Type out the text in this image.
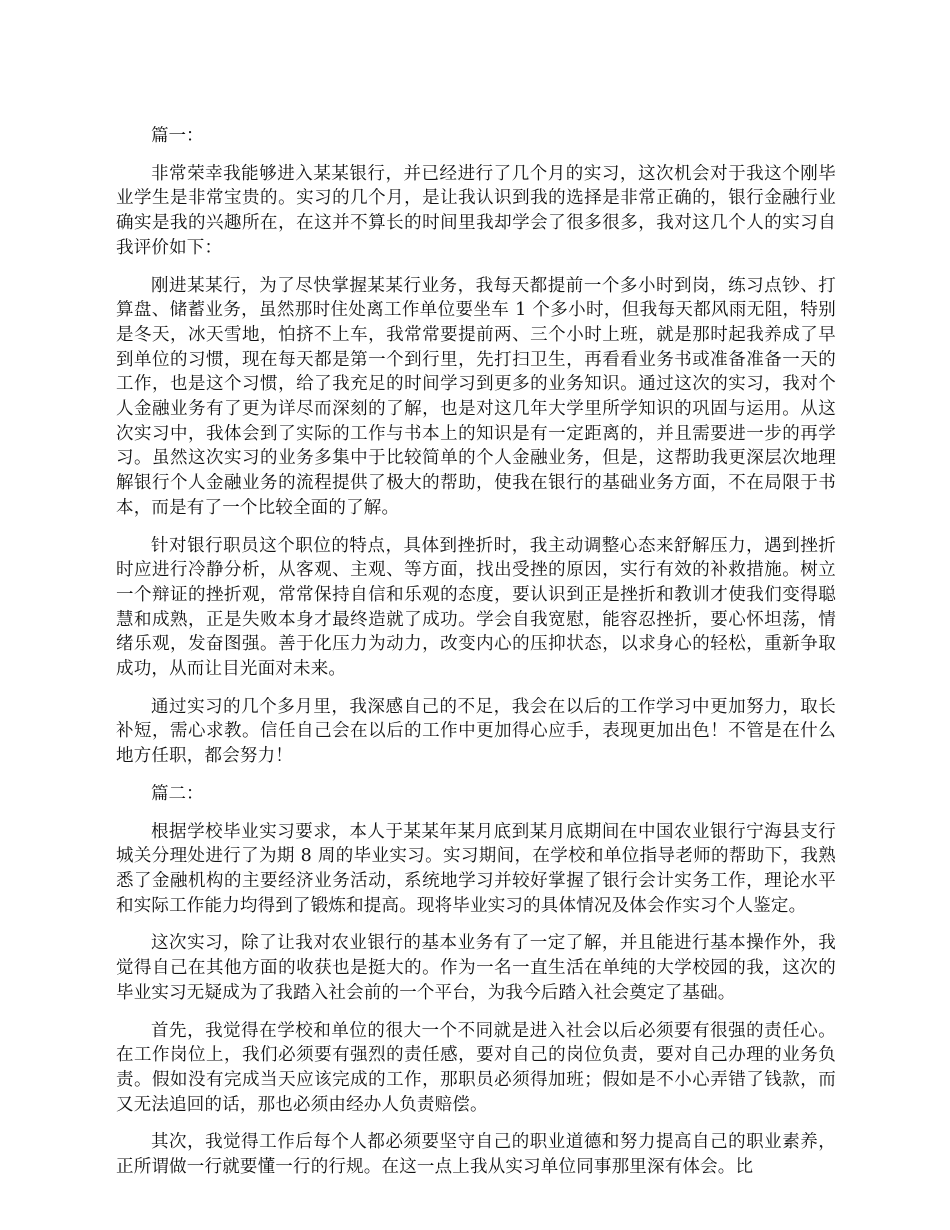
篇一：

非常荣幸我能够进入某某银行，并已经进行了几个月的实习，这次机会对于我这个刚毕业学生是非常宝贵的。实习的几个月，是让我认识到我的选择是非常正确的，银行金融行业确实是我的兴趣所在，在这并不算长的时间里我却学会了很多很多，我对这几个人的实习自我评价如下：

刚进某某行，为了尽快掌握某某行业务，我每天都提前一个多小时到岗，练习点钞、打算盘、储蓄业务，虽然那时住处离工作单位要坐车 1 个多小时，但我每天都风雨无阻，特别是冬天，冰天雪地，怕挤不上车，我常常要提前两、三个小时上班，就是那时起我养成了早到单位的习惯，现在每天都是第一个到行里，先打扫卫生，再看看业务书或准备准备一天的工作，也是这个习惯，给了我充足的时间学习到更多的业务知识。通过这次的实习，我对个人金融业务有了更为详尽而深刻的了解，也是对这几年大学里所学知识的巩固与运用。从这次实习中，我体会到了实际的工作与书本上的知识是有一定距离的，并且需要进一步的再学习。虽然这次实习的业务多集中于比较简单的个人金融业务，但是，这帮助我更深层次地理解银行个人金融业务的流程提供了极大的帮助，使我在银行的基础业务方面，不在局限于书本，而是有了一个比较全面的了解。

针对银行职员这个职位的特点，具体到挫折时，我主动调整心态来舒解压力，遇到挫折时应进行冷静分析，从客观、主观、等方面，找出受挫的原因，实行有效的补救措施。树立一个辩证的挫折观，常常保持自信和乐观的态度，要认识到正是挫折和教训才使我们变得聪慧和成熟，正是失败本身才最终造就了成功。学会自我宽慰，能容忍挫折，要心怀坦荡，情绪乐观，发奋图强。善于化压力为动力，改变内心的压抑状态，以求身心的轻松，重新争取成功，从而让目光面对未来。

通过实习的几个多月里，我深感自己的不足，我会在以后的工作学习中更加努力，取长补短，需心求教。信任自己会在以后的工作中更加得心应手，表现更加出色！不管是在什么地方任职，都会努力！

篇二：

根据学校毕业实习要求，本人于某某年某月底到某月底期间在中国农业银行宁海县支行城关分理处进行了为期 8 周的毕业实习。实习期间，在学校和单位指导老师的帮助下，我熟悉了金融机构的主要经济业务活动，系统地学习并较好掌握了银行会计实务工作，理论水平和实际工作能力均得到了锻炼和提高。现将毕业实习的具体情况及体会作实习个人鉴定。

这次实习，除了让我对农业银行的基本业务有了一定了解，并且能进行基本操作外，我觉得自己在其他方面的收获也是挺大的。作为一名一直生活在单纯的大学校园的我，这次的毕业实习无疑成为了我踏入社会前的一个平台，为我今后踏入社会奠定了基础。

首先，我觉得在学校和单位的很大一个不同就是进入社会以后必须要有很强的责任心。在工作岗位上，我们必须要有强烈的责任感，要对自己的岗位负责，要对自己办理的业务负责。假如没有完成当天应该完成的工作，那职员必须得加班；假如是不小心弄错了钱款，而又无法追回的话，那也必须由经办人负责赔偿。

其次，我觉得工作后每个人都必须要坚守自己的职业道德和努力提高自己的职业素养，正所谓做一行就要懂一行的行规。在这一点上我从实习单位同事那里深有体会。比
